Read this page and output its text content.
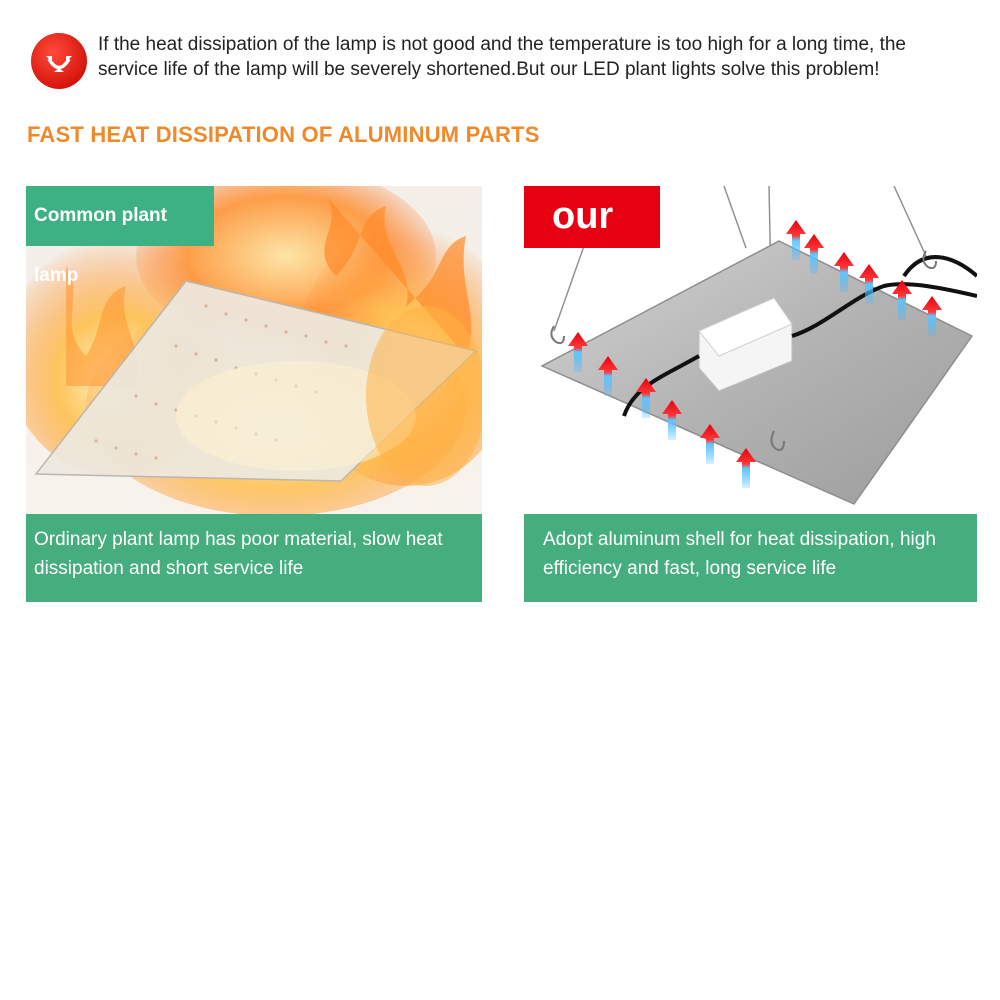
If the heat dissipation of the lamp is not good and the temperature is too high for a long time, the service life of the lamp will be severely shortened.But our LED plant lights solve this problem!
FAST HEAT DISSIPATION OF ALUMINUM PARTS
Common plant lamp
Ordinary plant lamp has poor material, slow heat dissipation and short service life
our
Adopt aluminum shell for heat dissipation, high efficiency and fast, long service life
